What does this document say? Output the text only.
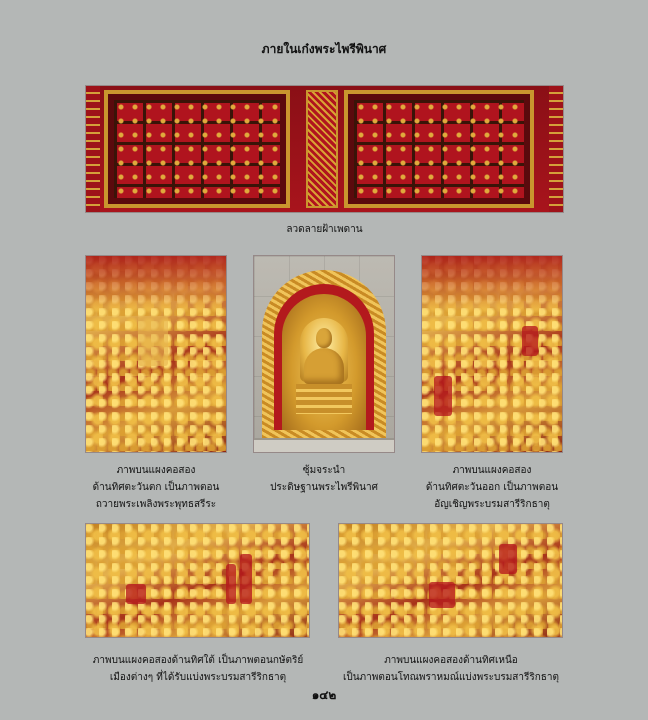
ภายในเก๋งพระไพรีพินาศ
ลวดลายฝ้าเพดาน
ภาพบนแผงคอสอง
ด้านทิศตะวันตก เป็นภาพตอน
ถวายพระเพลิงพระพุทธสรีระ
ซุ้มจระนำ
ประดิษฐานพระไพรีพินาศ
ภาพบนแผงคอสอง
ด้านทิศตะวันออก เป็นภาพตอน
อัญเชิญพระบรมสารีริกธาตุ
ภาพบนแผงคอสองด้านทิศใต้ เป็นภาพตอนกษัตริย์
เมืองต่างๆ ที่ได้รับแบ่งพระบรมสารีริกธาตุ
ภาพบนแผงคอสองด้านทิศเหนือ
เป็นภาพตอนโทณพราหมณ์แบ่งพระบรมสารีริกธาตุ
๑๔๒
